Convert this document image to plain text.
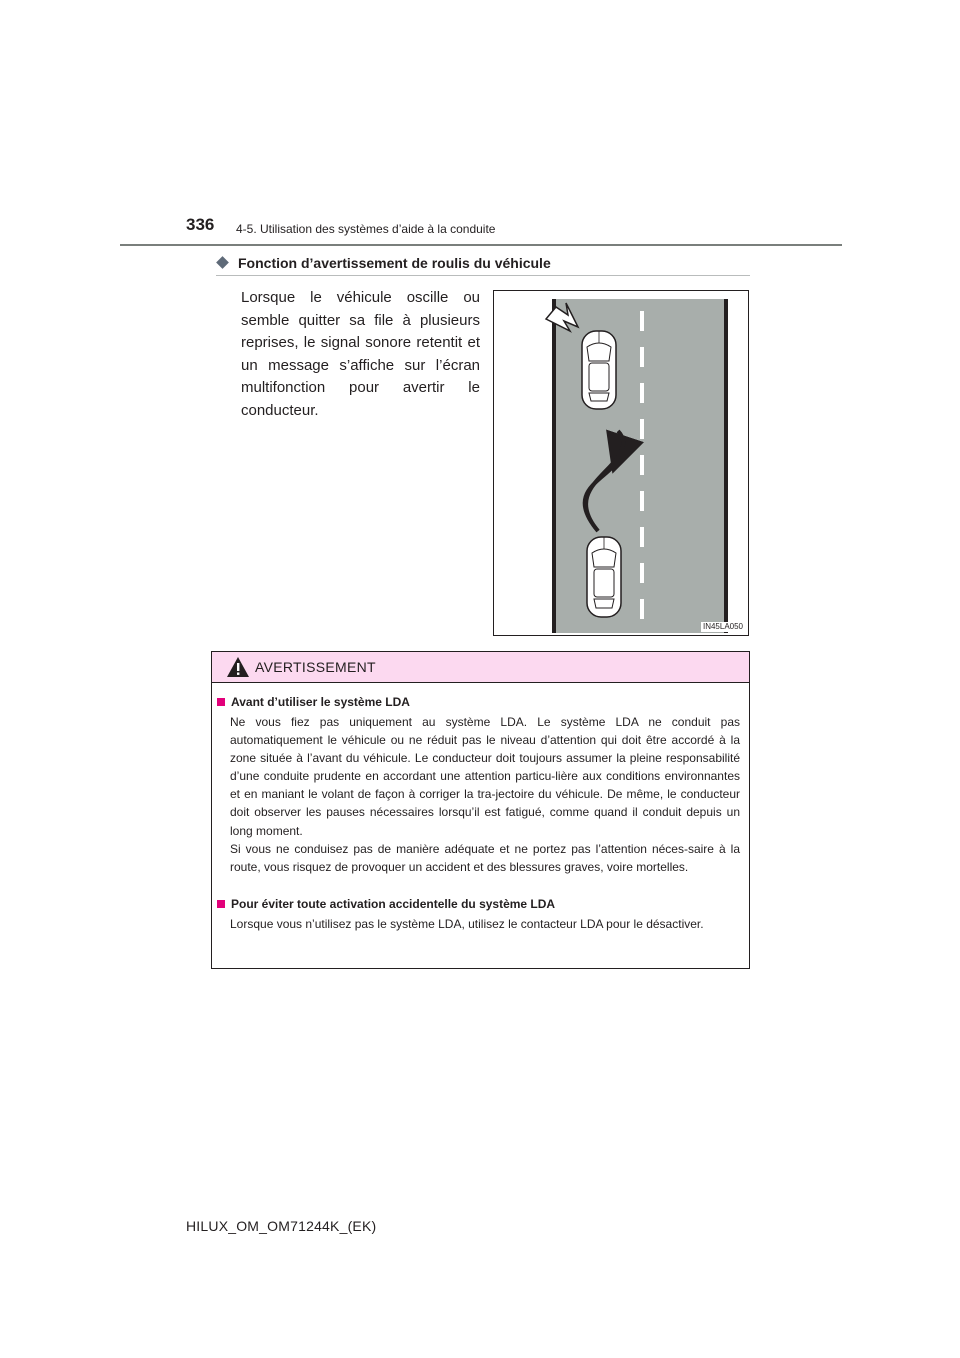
336 4-5. Utilisation des systèmes d’aide à la conduite
Fonction d’avertissement de roulis du véhicule
Lorsque le véhicule oscille ou semble quitter sa file à plusieurs reprises, le signal sonore retentit et un message s’affiche sur l’écran multifonction pour avertir le
conducteur.
IN45LA050
AVERTISSEMENT
Avant d’utiliser le système LDA

Ne vous fiez pas uniquement au système LDA. Le système LDA ne conduit pas automatiquement le véhicule ou ne réduit pas le niveau d’attention qui doit être accordé à la zone située à l’avant du véhicule. Le conducteur doit toujours assumer la pleine responsabilité d’une conduite prudente en accordant une attention particu-lière aux conditions environnantes et en maniant le volant de façon à corriger la tra-jectoire du véhicule. De même, le conducteur doit observer les pauses nécessaires lorsqu’il est fatigué, comme quand il conduit depuis un long moment.

Si vous ne conduisez pas de manière adéquate et ne portez pas l’attention néces-saire à la route, vous risquez de provoquer un accident et des blessures graves, voire mortelles.

Pour éviter toute activation accidentelle du système LDA

Lorsque vous n’utilisez pas le système LDA, utilisez le contacteur LDA pour le désactiver.

HILUX_OM_OM71244K_(EK)
